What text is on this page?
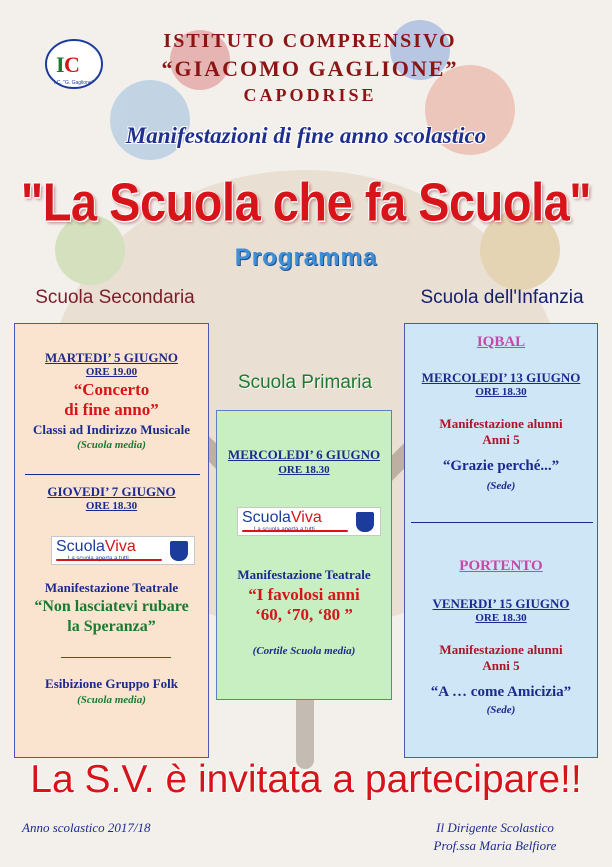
I C
I.C. "G. Gaglione"
ISTITUTO COMPRENSIVO
“GIACOMO GAGLIONE”
CAPODRISE
Manifestazioni di fine anno scolastico
"La Scuola che fa Scuola"
Programma
Scuola Secondaria	Scuola dell'Infanzia
Scuola Primaria
MARTEDI’ 5 GIUGNO
ORE 19.00
“Concerto
di fine anno”
Classi ad Indirizzo Musicale
(Scuola media)
GIOVEDI’ 7 GIUGNO
ORE 18.30
ScuolaViva
Manifestazione Teatrale
“Non lasciatevi rubare
la Speranza”
Esibizione Gruppo Folk
(Scuola media)
MERCOLEDI’ 6 GIUGNO
ORE 18.30
ScuolaViva
Manifestazione Teatrale
“I favolosi anni
‘60, ‘70, ‘80 ”
(Cortile Scuola media)
IQBAL
MERCOLEDI’ 13 GIUGNO
ORE 18.30
Manifestazione alunni
Anni 5
“Grazie perché...”
(Sede)
PORTENTO
VENERDI’ 15 GIUGNO
ORE 18.30
Manifestazione alunni
Anni 5
“A … come Amicizia”
(Sede)
La S.V. è invitata a partecipare!!
Anno scolastico 2017/18	Il Dirigente Scolastico
Prof.ssa Maria Belfiore
